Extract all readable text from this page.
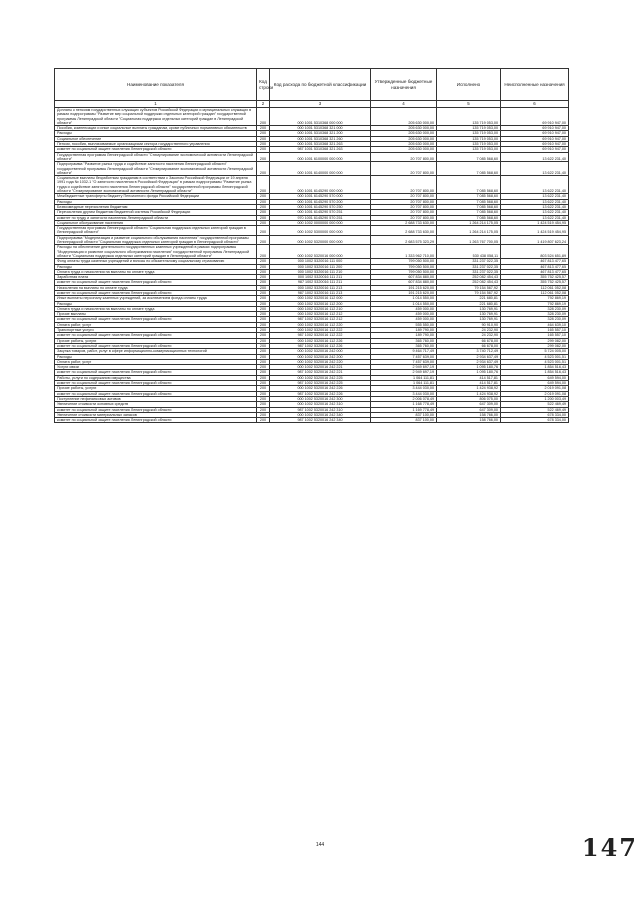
Наименование показателя	Код строки	Код расхода по бюджетной классификации	Утвержденные бюджетные назначения	Исполнено	Неисполненные назначения
1	2	3	4	5	6
Доплаты к пенсиям государственных служащих субъектов Российской Федерации и муниципальных служащих в рамках подпрограммы "Развитие мер социальной поддержки отдельных категорий граждан" государственной программы Ленинградской области "Социальная поддержка отдельных категорий граждан в Ленинградской области"	200	000 1001 5310368 000 000	205 630 000,00	135 719 053,00	69 910 947,00
Пособия, компенсации и иные социальные выплаты гражданам, кроме публичных нормативных обязательств	200	000 1001 5310368 321 000	205 630 000,00	135 719 053,00	69 910 947,00
Расходы	200	000 1001 5310368 321 200	205 630 000,00	135 719 053,00	69 910 947,00
Социальное обеспечение	200	000 1001 5310368 321 260	205 630 000,00	135 719 053,00	69 910 947,00
Пенсии, пособия, выплачиваемые организациями сектора государственного управления	200	000 1001 5310368 321 263	205 630 000,00	135 719 053,00	69 910 947,00
комитет по социальной защите населения Ленинградской области	200	987 1001 5310368 321 263	205 630 000,00	135 719 053,00	69 910 947,00
Государственная программа Ленинградской области "Стимулирование экономической активности Ленинградской области"	200	000 1001 6100000 000 000	20 707 800,00	7 085 568,60	13 622 231,40
Подпрограмма "Развитие рынка труда и содействие занятости населения Ленинградской области" государственной программы Ленинградской области "Стимулирование экономической активности Ленинградской области"	200	000 1001 6140000 000 000	20 707 800,00	7 085 568,60	13 622 231,40
Социальные выплаты безработным гражданам в соответствии с Законом Российской Федерации от 19 апреля 1991 года № 1032-1 "О занятости населения в Российской Федерации" в рамках подпрограммы "Развитие рынка труда и содействие занятости населения Ленинградской области" государственной программы Ленинградской области "Стимулирование экономической активности Ленинградской области"	200	000 1001 6145290 000 000	20 707 800,00	7 085 568,60	13 622 231,40
Межбюджетные трансферты бюджету Пенсионного фонда Российской Федерации	200	000 1001 6145290 570 000	20 707 800,00	7 085 568,60	13 622 231,40
Расходы	200	000 1001 6145290 570 200	20 707 800,00	7 085 568,60	13 622 231,40
Безвозмездные перечисления бюджетам	200	000 1001 6145290 570 250	20 707 800,00	7 085 568,60	13 622 231,40
Перечисления другим бюджетам бюджетной системы Российской Федерации	200	000 1001 6145290 570 251	20 707 800,00	7 085 568,60	13 622 231,40
комитет по труду и занятости населения Ленинградской области	200	970 1001 6145290 570 251	20 707 800,00	7 085 568,60	13 622 231,40
Социальное обслуживание населения	200	000 1002 0000000 000 000	2 688 733 630,00	1 264 214 175,05	1 424 519 454,95
Государственная программа Ленинградской области "Социальная поддержка отдельных категорий граждан в Ленинградской области"	200	000 1002 5300000 000 000	2 688 733 630,00	1 264 214 175,05	1 424 519 454,95
Подпрограмма "Модернизация и развитие социального обслуживания населения" государственной программы Ленинградской области "Социальная поддержка отдельных категорий граждан в Ленинградской области"	200	000 1002 5320000 000 000	2 683 575 323,29	1 263 767 700,05	1 419 807 623,24
Расходы на обеспечение деятельности государственных казенных учреждений в рамках подпрограммы "Модернизация и развитие социального обслуживания населения" государственной программы Ленинградской области "Социальная поддержка отдельных категорий граждан в Ленинградской области"	200	000 1002 5320016 000 000	1 333 962 710,00	530 438 058,11	803 524 651,89
Фонд оплаты труда казенных учреждений и взносы по обязательному социальному страхованию	200	000 1002 5320016 111 000	799 050 500,00	331 237 022,35	467 813 477,65
Расходы	200	000 1002 5320016 111 200	799 050 500,00	331 237 022,35	467 813 477,65
Оплата труда и начисления на выплаты по оплате труда	200	000 1002 5320016 111 210	799 050 500,00	331 237 022,35	467 813 477,65
Заработная плата	200	000 1002 5320016 111 211	607 834 880,00	252 082 454,43	355 752 425,57
комитет по социальной защите населения Ленинградской области	200	987 1002 5320016 111 211	607 834 880,00	252 082 454,43	355 752 425,57
Начисления на выплаты по оплате труда	200	000 1002 5320016 111 213	191 215 620,00	79 154 567,92	112 061 052,08
комитет по социальной защите населения Ленинградской области	200	987 1002 5320016 111 213	191 215 620,00	79 154 567,92	112 061 052,08
Иные выплаты персоналу казенных учреждений, за исключением фонда оплаты труда	200	000 1002 5320016 112 000	1 014 550,00	221 680,81	792 869,19
Расходы	200	000 1002 5320016 112 200	1 014 550,00	221 680,81	792 869,19
Оплата труда и начисления на выплаты по оплате труда	200	000 1002 5320016 112 210	459 000,00	130 769,91	328 230,09
Прочие выплаты	200	000 1002 5320016 112 212	459 000,00	130 769,91	328 230,09
комитет по социальной защите населения Ленинградской области	200	987 1002 5320016 112 212	459 000,00	130 769,91	328 230,09
Оплата работ, услуг	200	000 1002 5320016 112 220	555 550,00	90 910,90	464 639,10
Транспортные услуги	200	000 1002 5320016 112 222	189 790,00	24 232,90	165 557,10
комитет по социальной защите населения Ленинградской области	200	987 1002 5320016 112 222	189 790,00	24 232,90	165 557,10
Прочие работы, услуги	200	000 1002 5320016 112 226	365 760,00	66 678,00	299 082,00
комитет по социальной защите населения Ленинградской области	200	987 1002 5320016 112 226	365 760,00	66 678,00	299 082,00
Закупка товаров, работ, услуг в сфере информационно-коммуникационных технологий	200	000 1002 5320016 242 000	9 464 717,49	3 740 712,49	5 724 005,00
Расходы	200	000 1002 5320016 242 200	7 457 639,00	2 934 637,49	4 523 001,51
Оплата работ, услуг	200	000 1002 5320016 242 220	7 457 639,00	2 934 637,49	4 523 001,51
Услуги связи	200	000 1002 5320016 242 221	2 949 697,19	1 095 180,76	1 854 516,43
комитет по социальной защите населения Ленинградской области	200	987 1002 5320016 242 221	2 949 697,19	1 095 180,76	1 854 516,43
Работы, услуги по содержанию имущества	200	000 1002 5320016 242 225	1 064 111,81	414 517,81	649 594,00
комитет по социальной защите населения Ленинградской области	200	987 1002 5320016 242 225	1 064 111,81	414 517,81	649 594,00
Прочие работы, услуги	200	000 1002 5320016 242 226	3 444 030,00	1 424 938,92	2 019 091,08
комитет по социальной защите населения Ленинградской области	200	987 1002 5320016 242 226	3 444 030,00	1 424 938,92	2 019 091,08
Поступление нефинансовых активов	200	000 1002 5320016 242 300	2 006 078,49	806 075,00	1 200 003,49
Увеличение стоимости основных средств	200	000 1002 5320016 242 310	1 168 778,49	647 309,00	522 469,49
комитет по социальной защите населения Ленинградской области	200	987 1002 5320016 242 310	1 169 778,49	647 309,00	522 469,49
Увеличение стоимости материальных запасов	200	000 1002 5320016 242 340	837 100,00	158 766,00	678 334,00
комитет по социальной защите населения Ленинградской области	200	987 1002 5320016 242 340	837 100,00	158 766,00	678 334,00
144	147
